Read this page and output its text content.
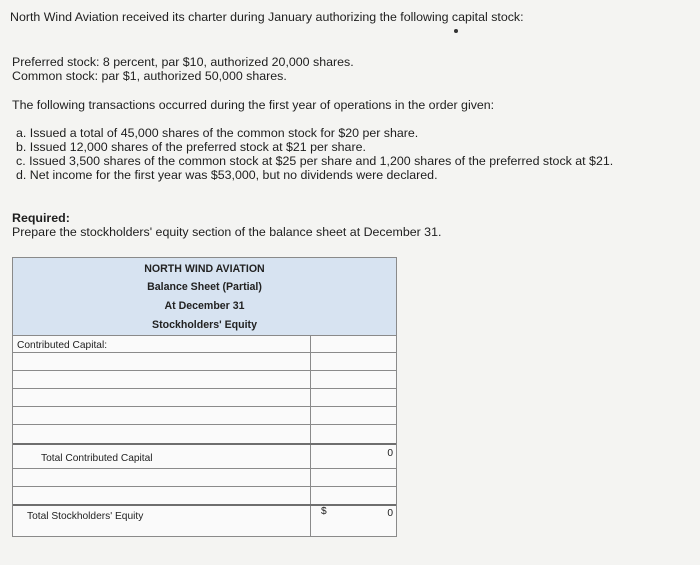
North Wind Aviation received its charter during January authorizing the following capital stock:
Preferred stock: 8 percent, par $10, authorized 20,000 shares.
Common stock: par $1, authorized 50,000 shares.
The following transactions occurred during the first year of operations in the order given:
a. Issued a total of 45,000 shares of the common stock for $20 per share.
b. Issued 12,000 shares of the preferred stock at $21 per share.
c. Issued 3,500 shares of the common stock at $25 per share and 1,200 shares of the preferred stock at $21.
d. Net income for the first year was $53,000, but no dividends were declared.
Required:
Prepare the stockholders' equity section of the balance sheet at December 31.
NORTH WIND AVIATION
Balance Sheet (Partial)
At December 31
Stockholders' Equity
Contributed Capital:
Total Contributed Capital	0
Total Stockholders' Equity	$	0
